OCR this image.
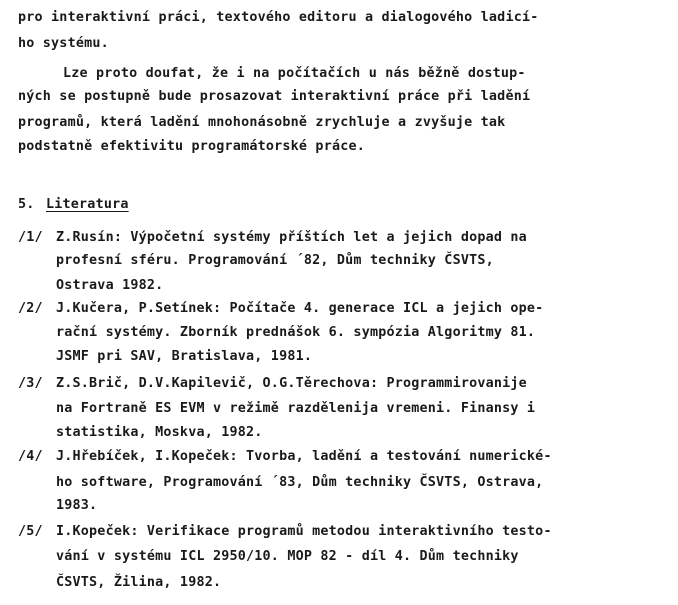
pro interaktivní práci, textového editoru a dialogového ladicí-
ho systému.
Lze proto doufat, že i na počítačích u nás běžně dostup-
ných se postupně bude prosazovat interaktivní práce při ladění
programů, která ladění mnohonásobně zrychluje a zvyšuje tak
podstatně efektivitu programátorské práce.
5. Literatura
/1/ Z.Rusín: Výpočetní systémy příštích let a jejich dopad na
profesní sféru. Programování ´82, Dům techniky ČSVTS,
Ostrava 1982.
/2/ J.Kučera, P.Setínek: Počítače 4. generace ICL a jejich ope-
rační systémy. Zborník prednášok 6. sympózia Algoritmy 81.
JSMF pri SAV, Bratislava, 1981.
/3/ Z.S.Brič, D.V.Kapilevič, O.G.Těrechova: Programmirovanije
na Fortraně ES EVM v režimě razdělenija vremeni. Finansy i
statistika, Moskva, 1982.
/4/ J.Hřebíček, I.Kopeček: Tvorba, ladění a testování numerické-
ho software, Programování ´83, Dům techniky ČSVTS, Ostrava,
1983.
/5/ I.Kopeček: Verifikace programů metodou interaktivního testo-
vání v systému ICL 2950/10. MOP 82 - díl 4. Dům techniky
ČSVTS, Žilina, 1982.
